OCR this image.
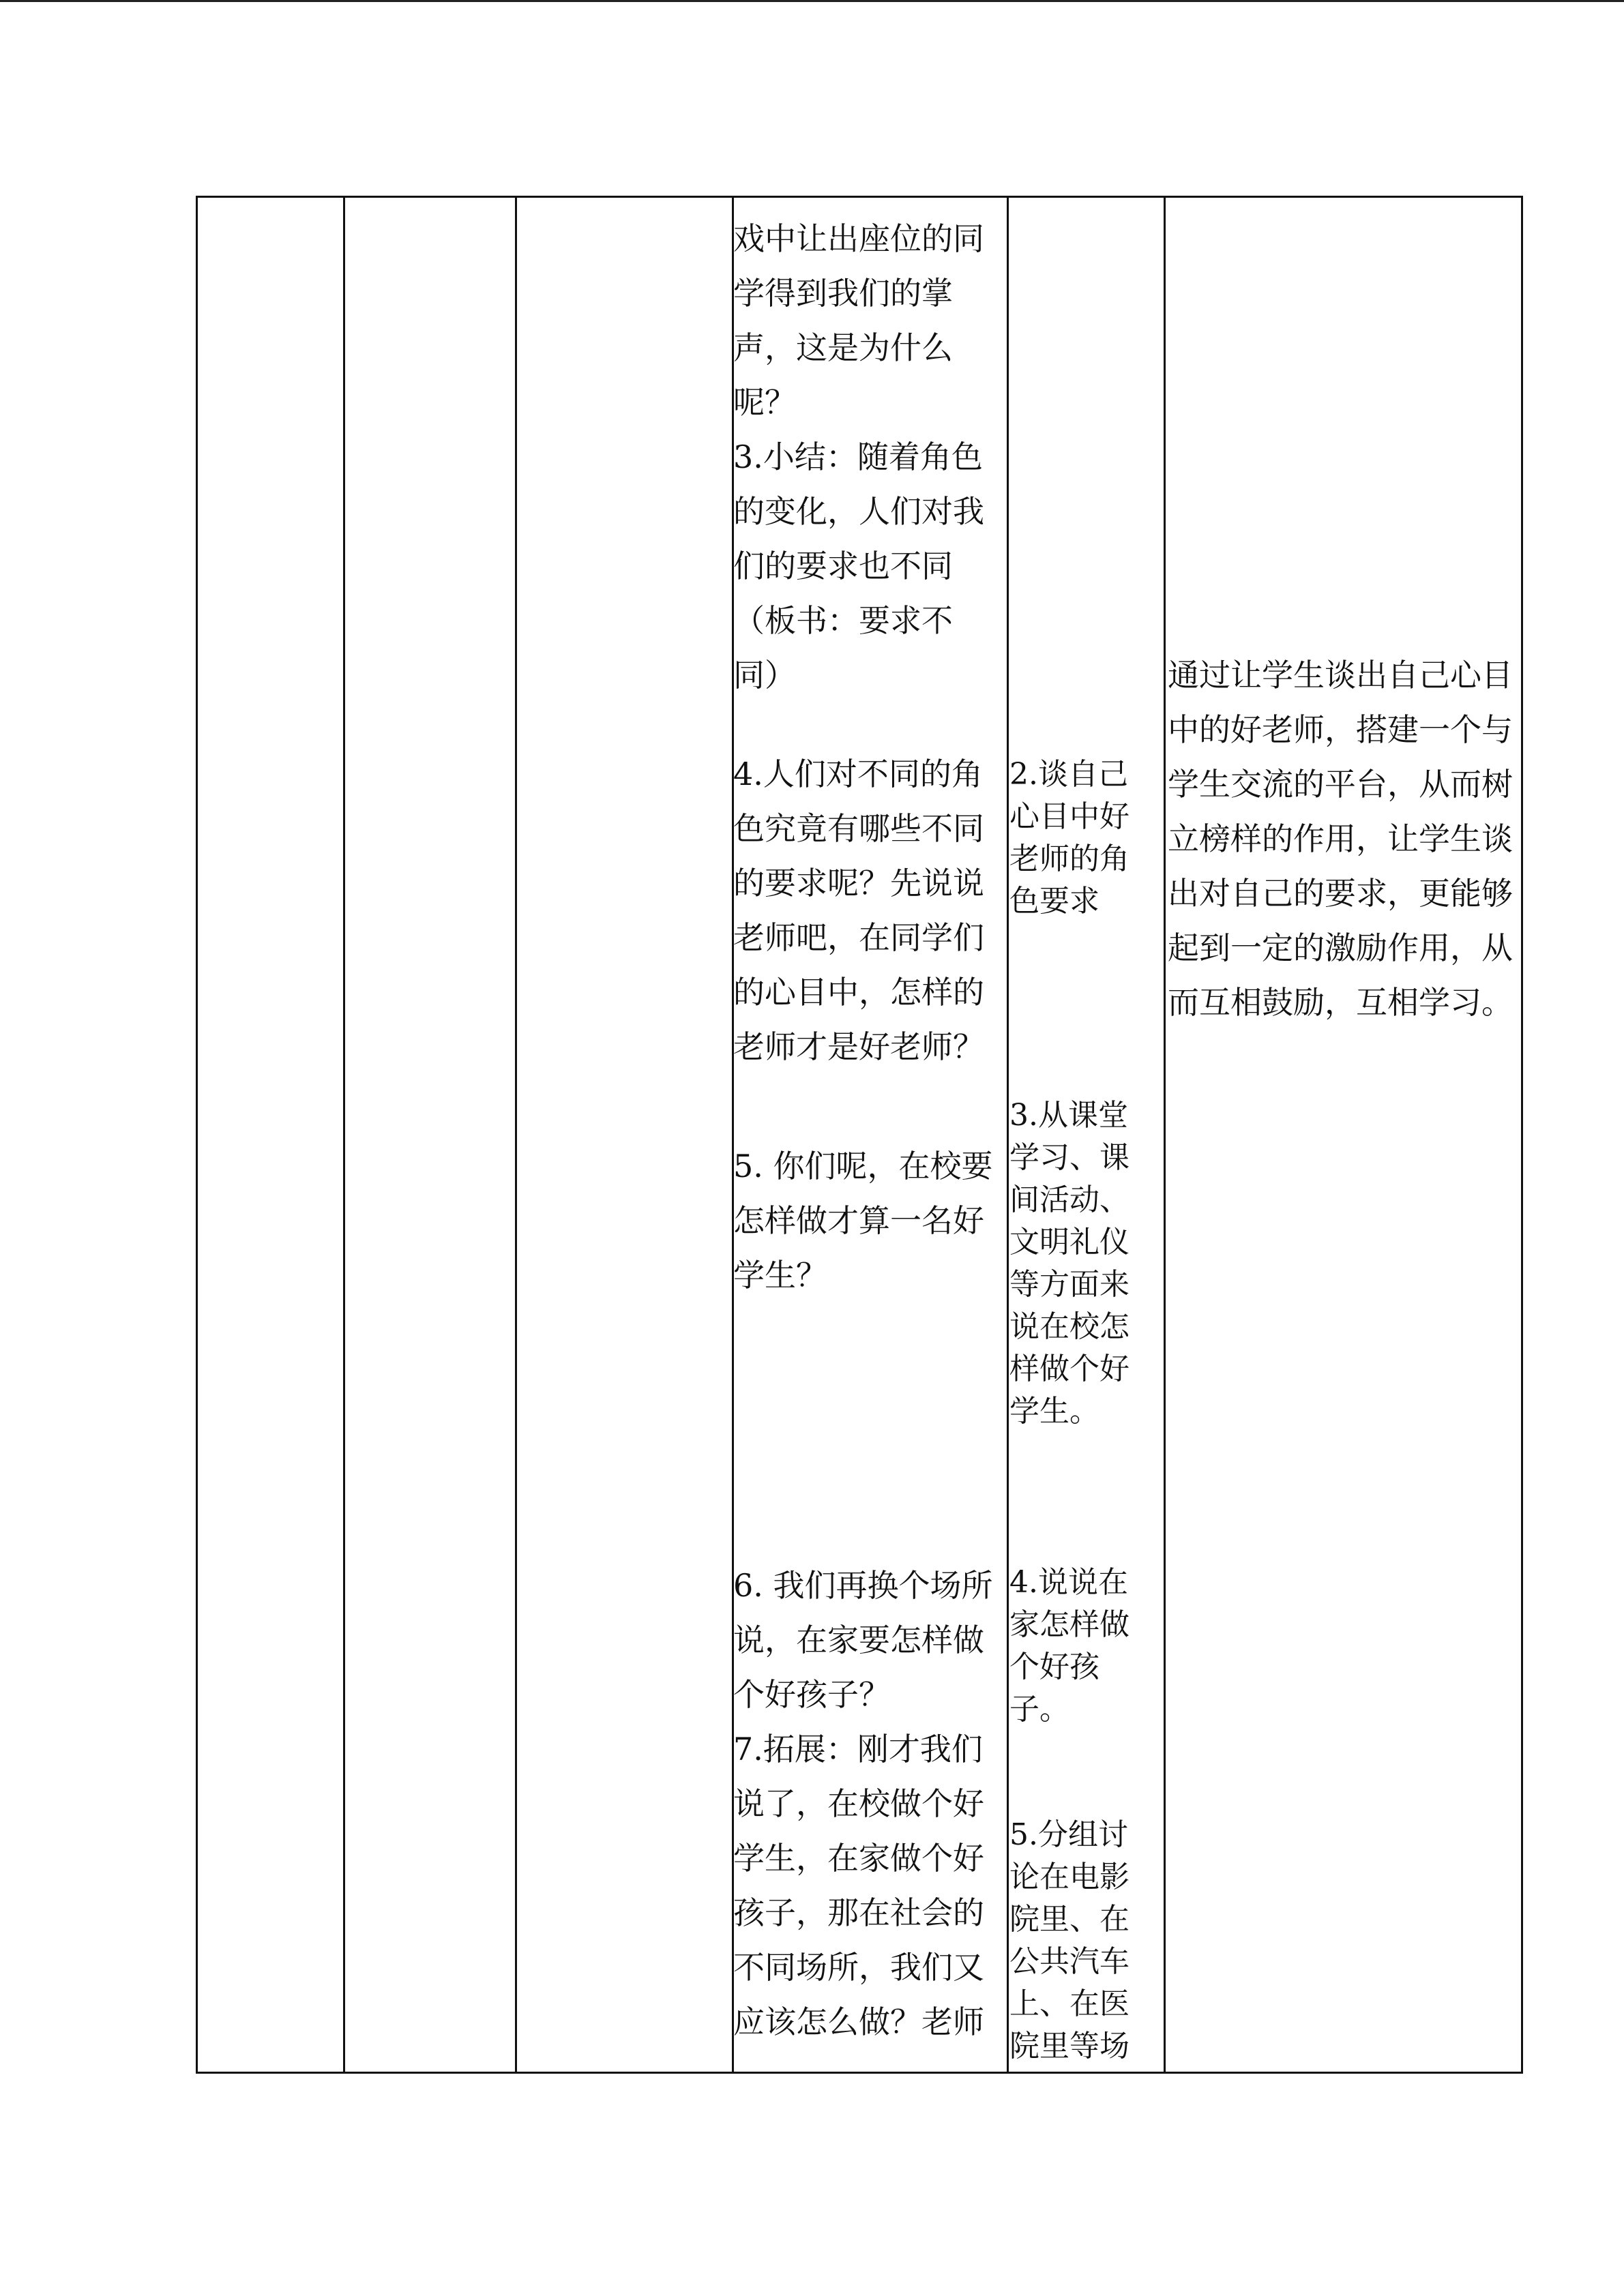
戏中让出座位的同学得到我们的掌声，这是为什么呢？
3.小结：随着角色的变化，人们对我们的要求也不同（板书：要求不同）
4.人们对不同的角色究竟有哪些不同的要求呢？先说说老师吧，在同学们的心目中，怎样的老师才是好老师？
5. 你们呢，在校要怎样做才算一名好学生？
6. 我们再换个场所说，在家要怎样做个好孩子？
7.拓展：刚才我们说了，在校做个好学生，在家做个好孩子，那在社会的不同场所，我们又应该怎么做？老师
2.谈自己心目中好老师的角色要求
3.从课堂学习、课间活动、文明礼仪等方面来说在校怎样做个好学生。
4.说说在家怎样做个好孩子。
5.分组讨论在电影院里、在公共汽车上、在医院里等场
通过让学生谈出自己心目中的好老师，搭建一个与学生交流的平台，从而树立榜样的作用，让学生谈出对自己的要求，更能够起到一定的激励作用，从而互相鼓励，互相学习。
